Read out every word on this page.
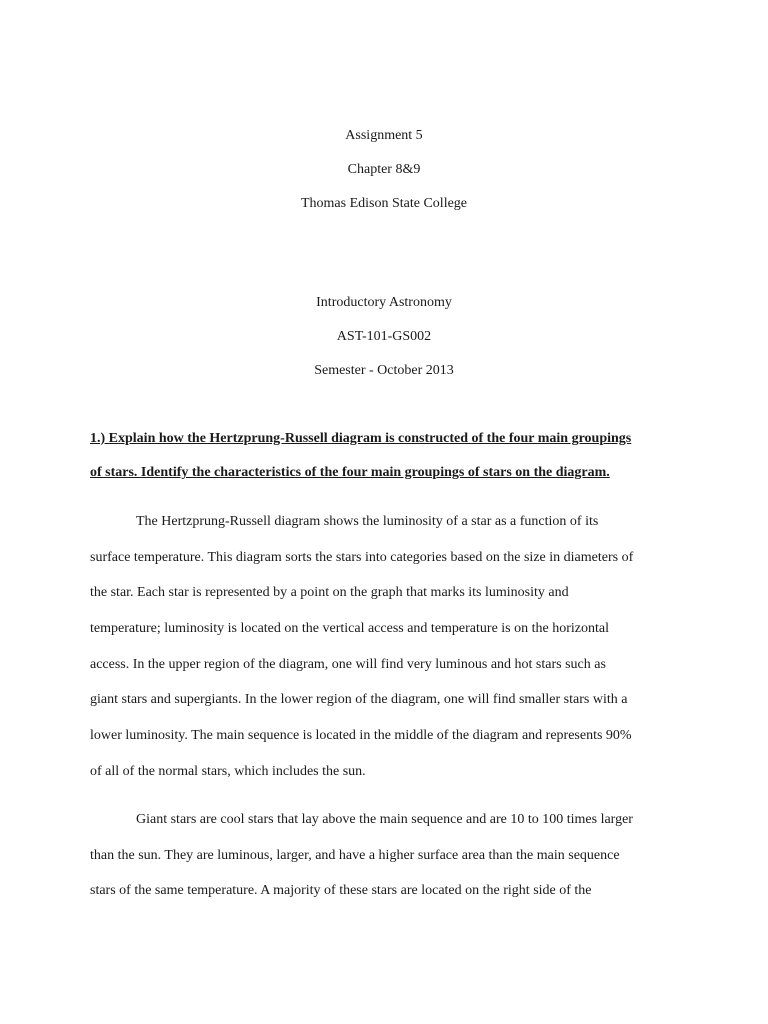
Assignment 5
Chapter 8&9
Thomas Edison State College
Introductory Astronomy
AST-101-GS002
Semester - October 2013
1.) Explain how the Hertzprung-Russell diagram is constructed of the four main groupings
of stars. Identify the characteristics of the four main groupings of stars on the diagram.
The Hertzprung-Russell diagram shows the luminosity of a star as a function of its
surface temperature. This diagram sorts the stars into categories based on the size in diameters of
the star. Each star is represented by a point on the graph that marks its luminosity and
temperature; luminosity is located on the vertical access and temperature is on the horizontal
access. In the upper region of the diagram, one will find very luminous and hot stars such as
giant stars and supergiants. In the lower region of the diagram, one will find smaller stars with a
lower luminosity. The main sequence is located in the middle of the diagram and represents 90%
of all of the normal stars, which includes the sun.
Giant stars are cool stars that lay above the main sequence and are 10 to 100 times larger
than the sun. They are luminous, larger, and have a higher surface area than the main sequence
stars of the same temperature. A majority of these stars are located on the right side of the
